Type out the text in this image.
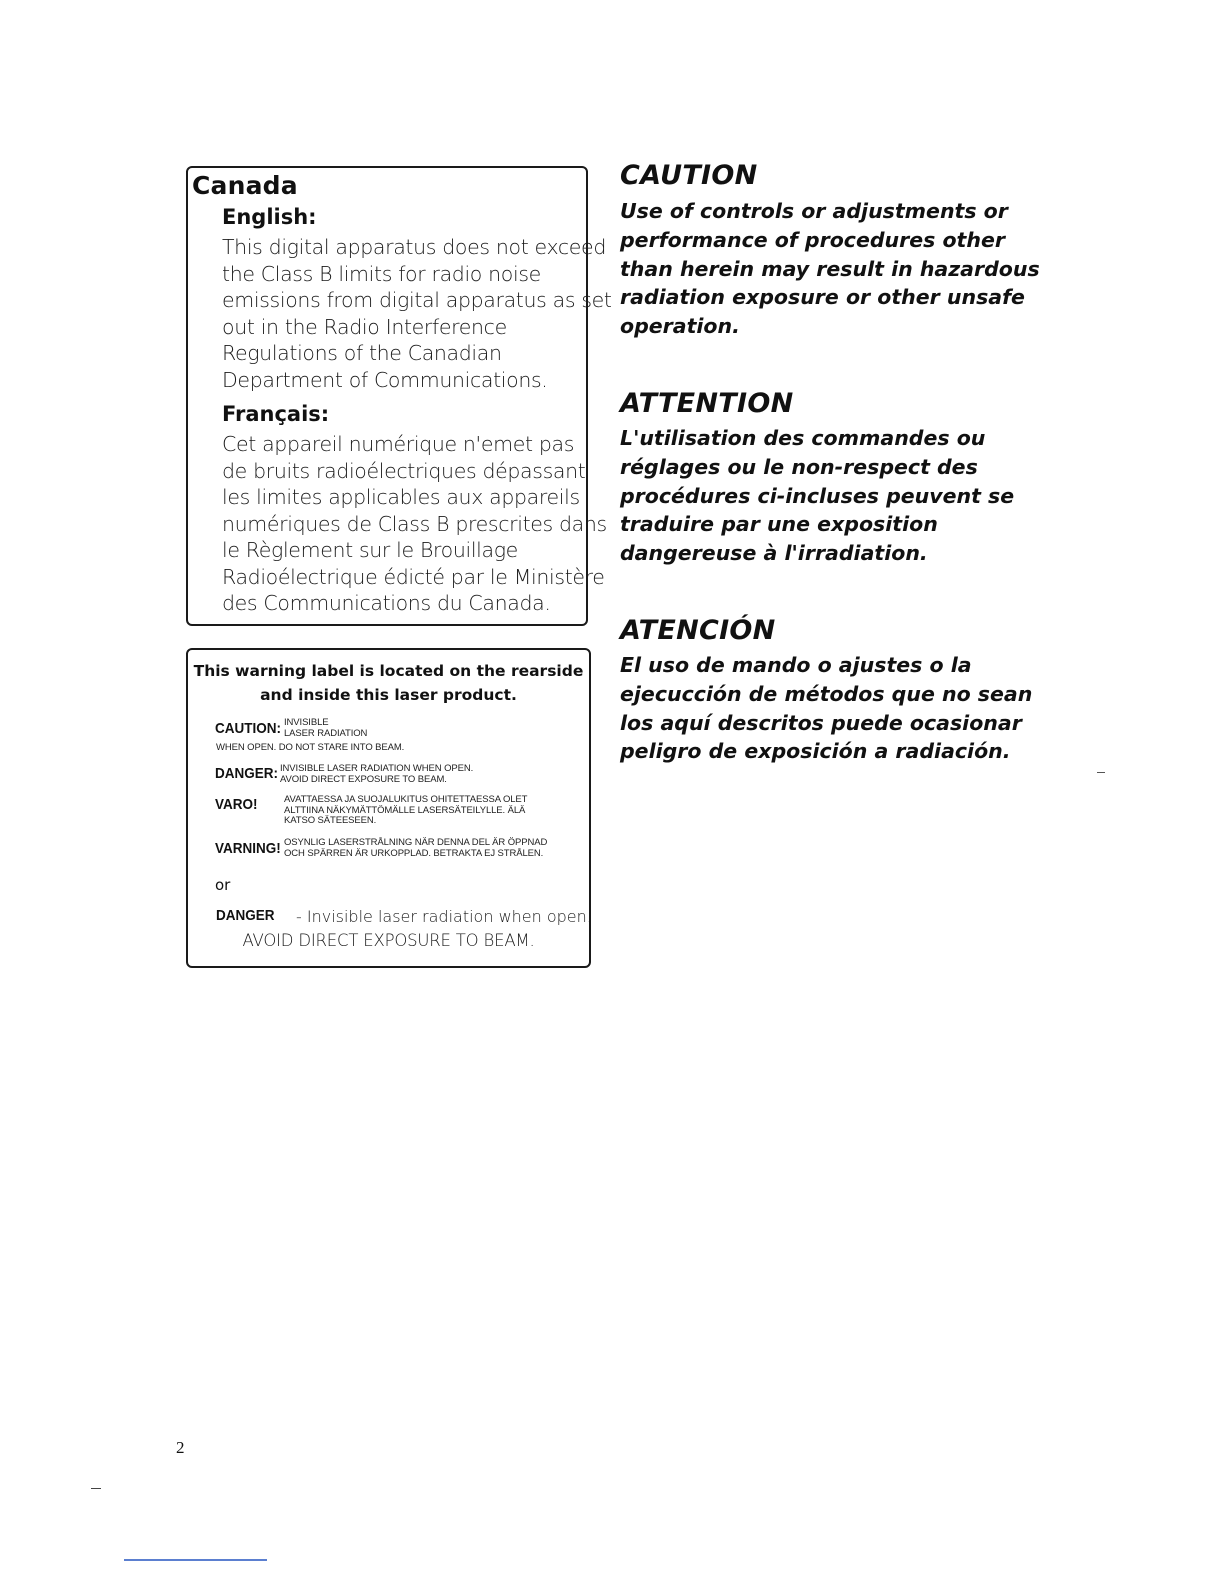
Canada
English:
This digital apparatus does not exceed
the Class B limits for radio noise
emissions from digital apparatus as set
out in the Radio Interference
Regulations of the Canadian
Department of Communications.
Français:
Cet appareil numérique n'emet pas
de bruits radioélectriques dépassant
les limites applicables aux appareils
numériques de Class B prescrites dans
le Règlement sur le Brouillage
Radioélectrique édicté par le Ministère
des Communications du Canada.
This warning label is located on the rearside
and inside this laser product.
CAUTION: INVISIBLE
LASER RADIATION
WHEN OPEN. DO NOT STARE INTO BEAM.
DANGER: INVISIBLE LASER RADIATION WHEN OPEN.
AVOID DIRECT EXPOSURE TO BEAM.
VARO!	AVATTAESSA JA SUOJALUKITUS OHITETTAESSA OLET
ALTTIINA NÄKYMÄTTÖMÄLLE LASERSÄTEILYLLE. ÄLÄ
KATSO SÄTEESEEN.
VARNING! OSYNLIG LASERSTRÅLNING NÄR DENNA DEL ÄR ÖPPNAD
OCH SPÄRREN ÄR URKOPPLAD. BETRAKTA EJ STRÅLEN.
or
DANGER - Invisible laser radiation when open.
AVOID DIRECT EXPOSURE TO BEAM.
CAUTION
Use of controls or adjustments or
performance of procedures other
than herein may result in hazardous
radiation exposure or other unsafe
operation.
ATTENTION
L'utilisation des commandes ou
réglages ou le non-respect des
procédures ci-incluses peuvent se
traduire par une exposition
dangereuse à l'irradiation.
ATENCIÓN
El uso de mando o ajustes o la
ejecucción de métodos que no sean
los aquí descritos puede ocasionar
peligro de exposición a radiación.
2
